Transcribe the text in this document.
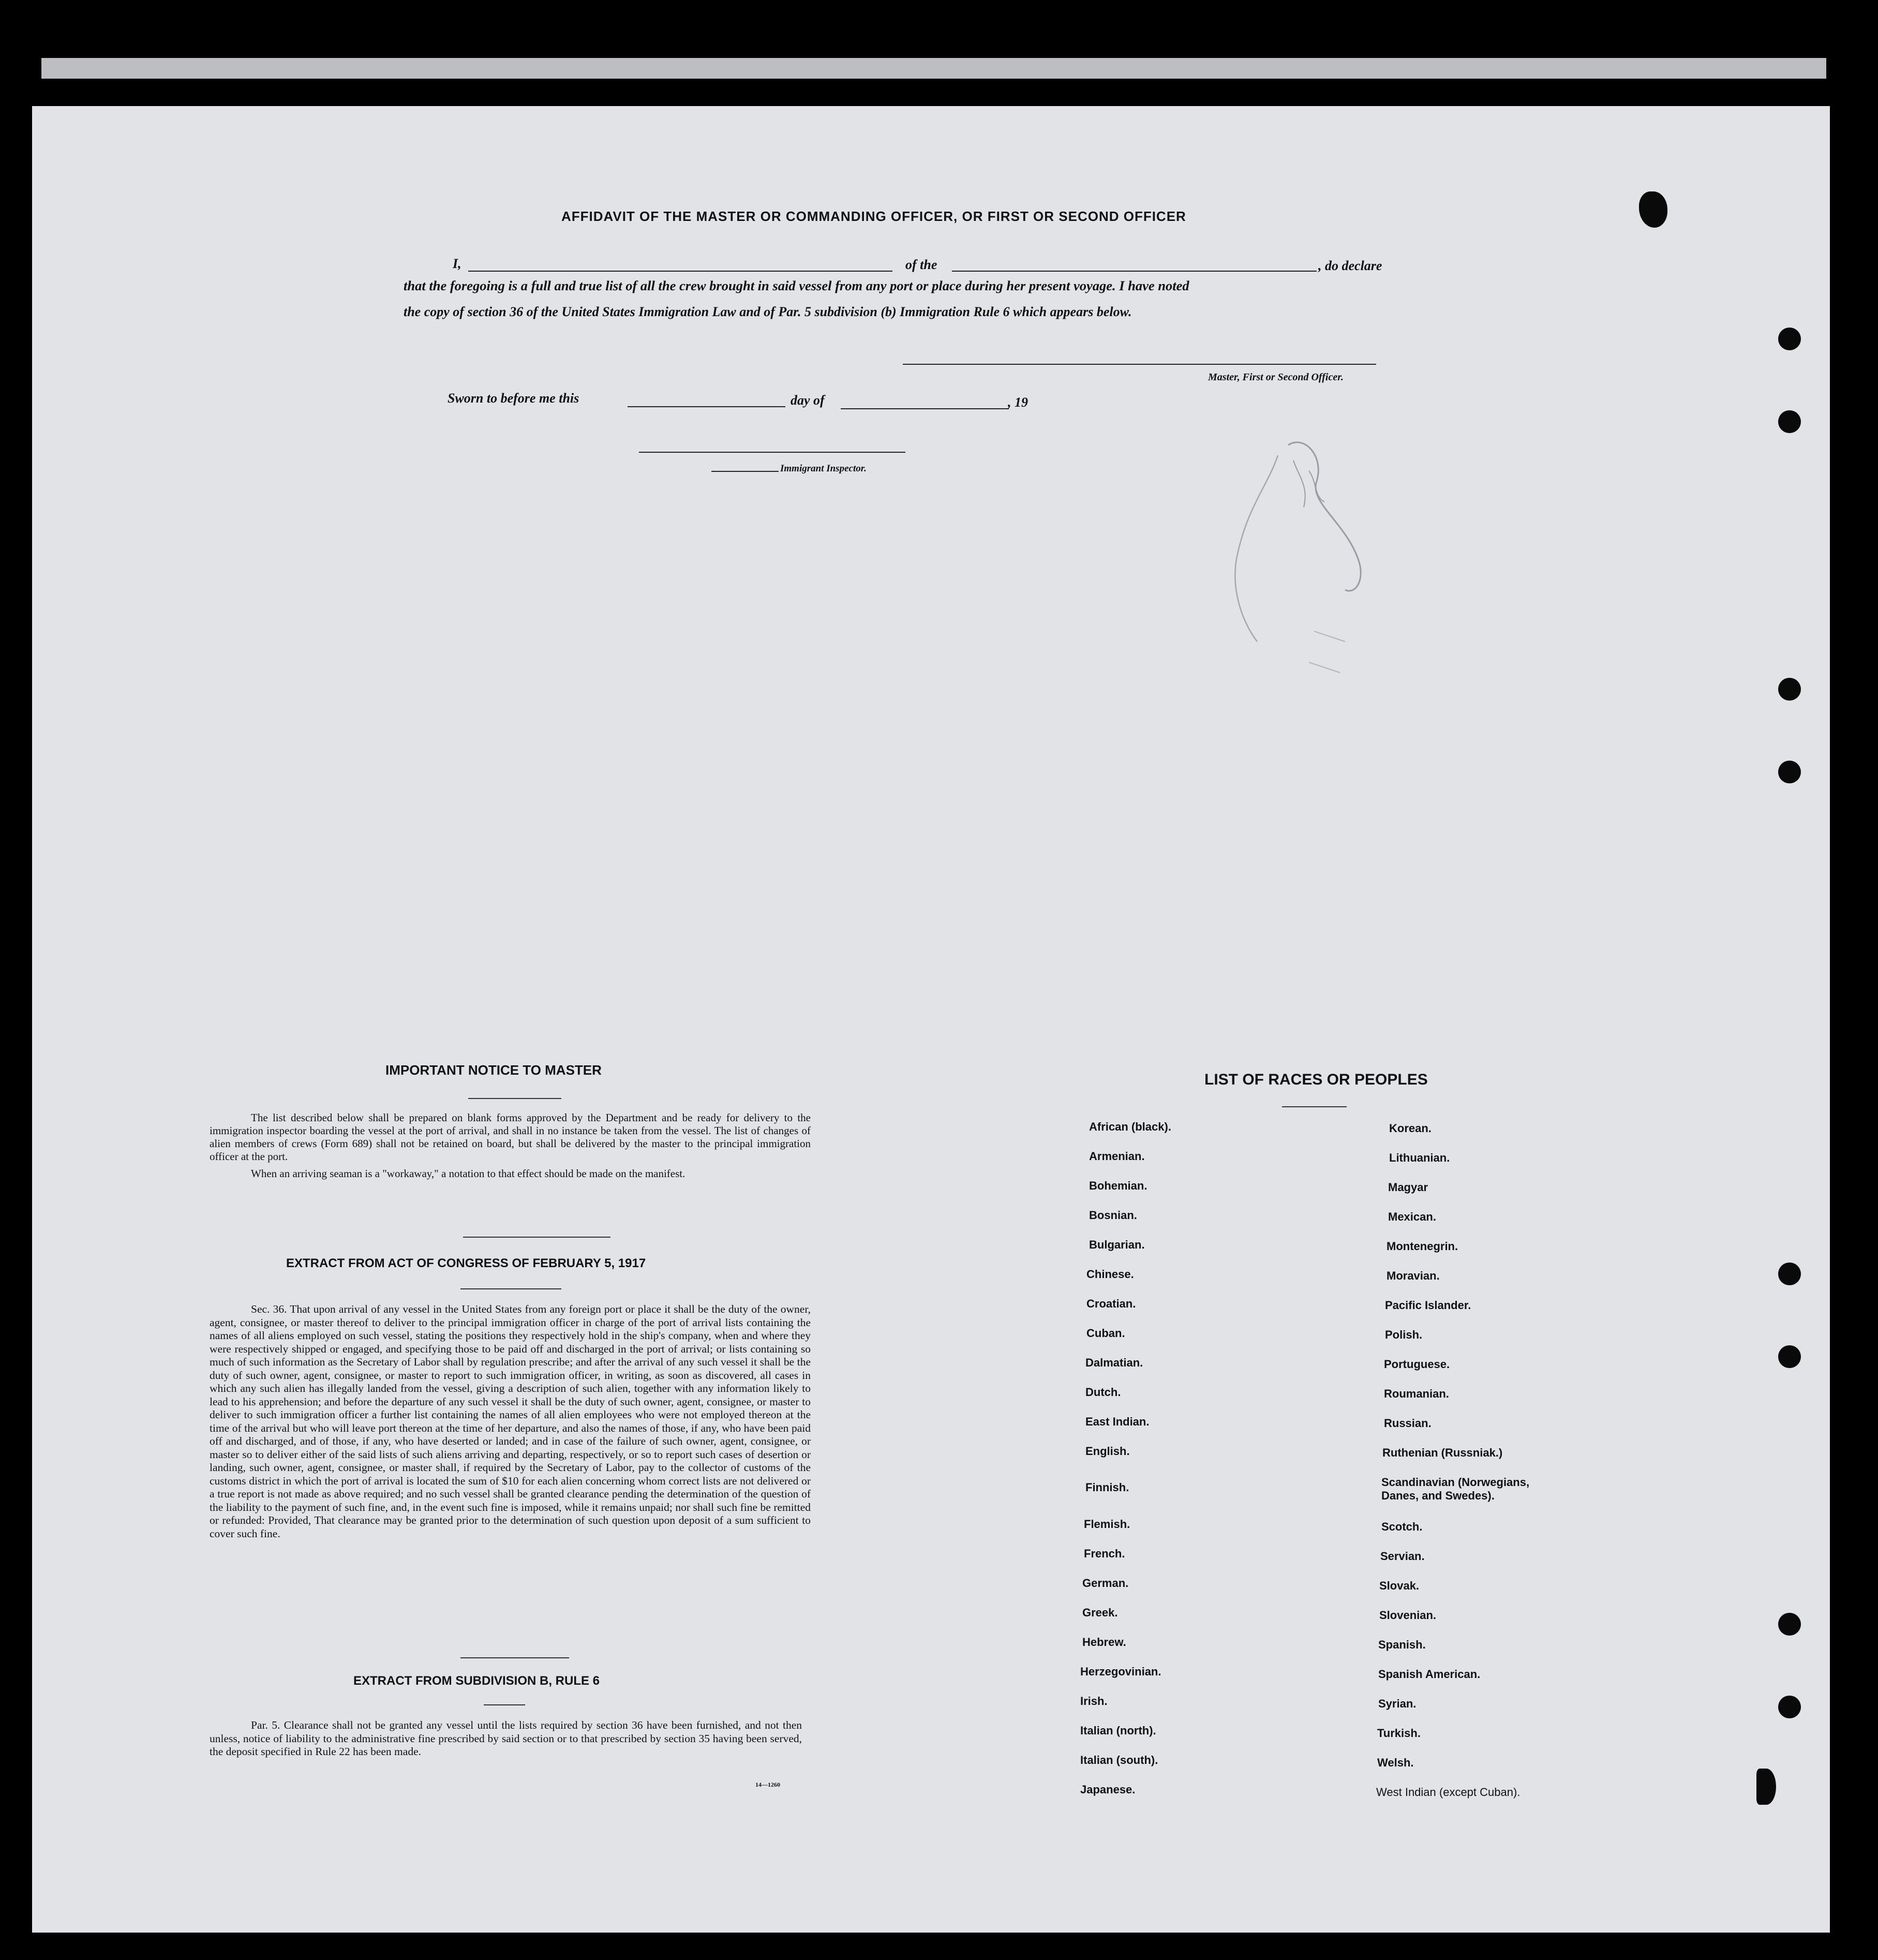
AFFIDAVIT OF THE MASTER OR COMMANDING OFFICER, OR FIRST OR SECOND OFFICER
I,	of the	, do declare
that the foregoing is a full and true list of all the crew brought in said vessel from any port or place during her present voyage. I have noted
the copy of section 36 of the United States Immigration Law and of Par. 5 subdivision (b) Immigration Rule 6 which appears below.
Master, First or Second Officer.
Sworn to before me this	day of	, 19
Immigrant Inspector.
IMPORTANT NOTICE TO MASTER

The list described below shall be prepared on blank forms approved by the Department and be ready for delivery to the immigration inspector boarding the vessel at the port of arrival, and shall in no instance be taken from the vessel. The list of changes of alien members of crews (Form 689) shall not be retained on board, but shall be delivered by the master to the principal immigration officer at the port.

When an arriving seaman is a "workaway," a notation to that effect should be made on the manifest.

EXTRACT FROM ACT OF CONGRESS OF FEBRUARY 5, 1917

Sec. 36. That upon arrival of any vessel in the United States from any foreign port or place it shall be the duty of the owner, agent, consignee, or master thereof to deliver to the principal immigration officer in charge of the port of arrival lists containing the names of all aliens employed on such vessel, stating the positions they respectively hold in the ship's company, when and where they were respectively shipped or engaged, and specifying those to be paid off and discharged in the port of arrival; or lists containing so much of such information as the Secretary of Labor shall by regulation prescribe; and after the arrival of any such vessel it shall be the duty of such owner, agent, consignee, or master to report to such immigration officer, in writing, as soon as discovered, all cases in which any such alien has illegally landed from the vessel, giving a description of such alien, together with any information likely to lead to his apprehension; and before the departure of any such vessel it shall be the duty of such owner, agent, consignee, or master to deliver to such immigration officer a further list containing the names of all alien employees who were not employed thereon at the time of the arrival but who will leave port thereon at the time of her departure, and also the names of those, if any, who have been paid off and discharged, and of those, if any, who have deserted or landed; and in case of the failure of such owner, agent, consignee, or master so to deliver either of the said lists of such aliens arriving and departing, respectively, or so to report such cases of desertion or landing, such owner, agent, consignee, or master shall, if required by the Secretary of Labor, pay to the collector of customs of the customs district in which the port of arrival is located the sum of $10 for each alien concerning whom correct lists are not delivered or a true report is not made as above required; and no such vessel shall be granted clearance pending the determination of the question of the liability to the payment of such fine, and, in the event such fine is imposed, while it remains unpaid; nor shall such fine be remitted or refunded: Provided, That clearance may be granted prior to the determination of such question upon deposit of a sum sufficient to cover such fine.

EXTRACT FROM SUBDIVISION B, RULE 6

Par. 5. Clearance shall not be granted any vessel until the lists required by section 36 have been furnished, and not then unless, notice of liability to the administrative fine prescribed by said section or to that prescribed by section 35 having been served, the deposit specified in Rule 22 has been made.

14—1260
LIST OF RACES OR PEOPLES
African (black).
Armenian.
Bohemian.
Bosnian.
Bulgarian.
Chinese.
Croatian.
Cuban.
Dalmatian.
Dutch.
East Indian.
English.
Finnish.
Flemish.
French.
German.
Greek.
Hebrew.
Herzegovinian.
Irish.
Italian (north).
Italian (south).
Japanese.
Korean.
Lithuanian.
Magyar
Mexican.
Montenegrin.
Moravian.
Pacific Islander.
Polish.
Portuguese.
Roumanian.
Russian.
Ruthenian (Russniak.)
Scandinavian (Norwegians, Danes, and Swedes).
Scotch.
Servian.
Slovak.
Slovenian.
Spanish.
Spanish American.
Syrian.
Turkish.
Welsh.
West Indian (except Cuban).
